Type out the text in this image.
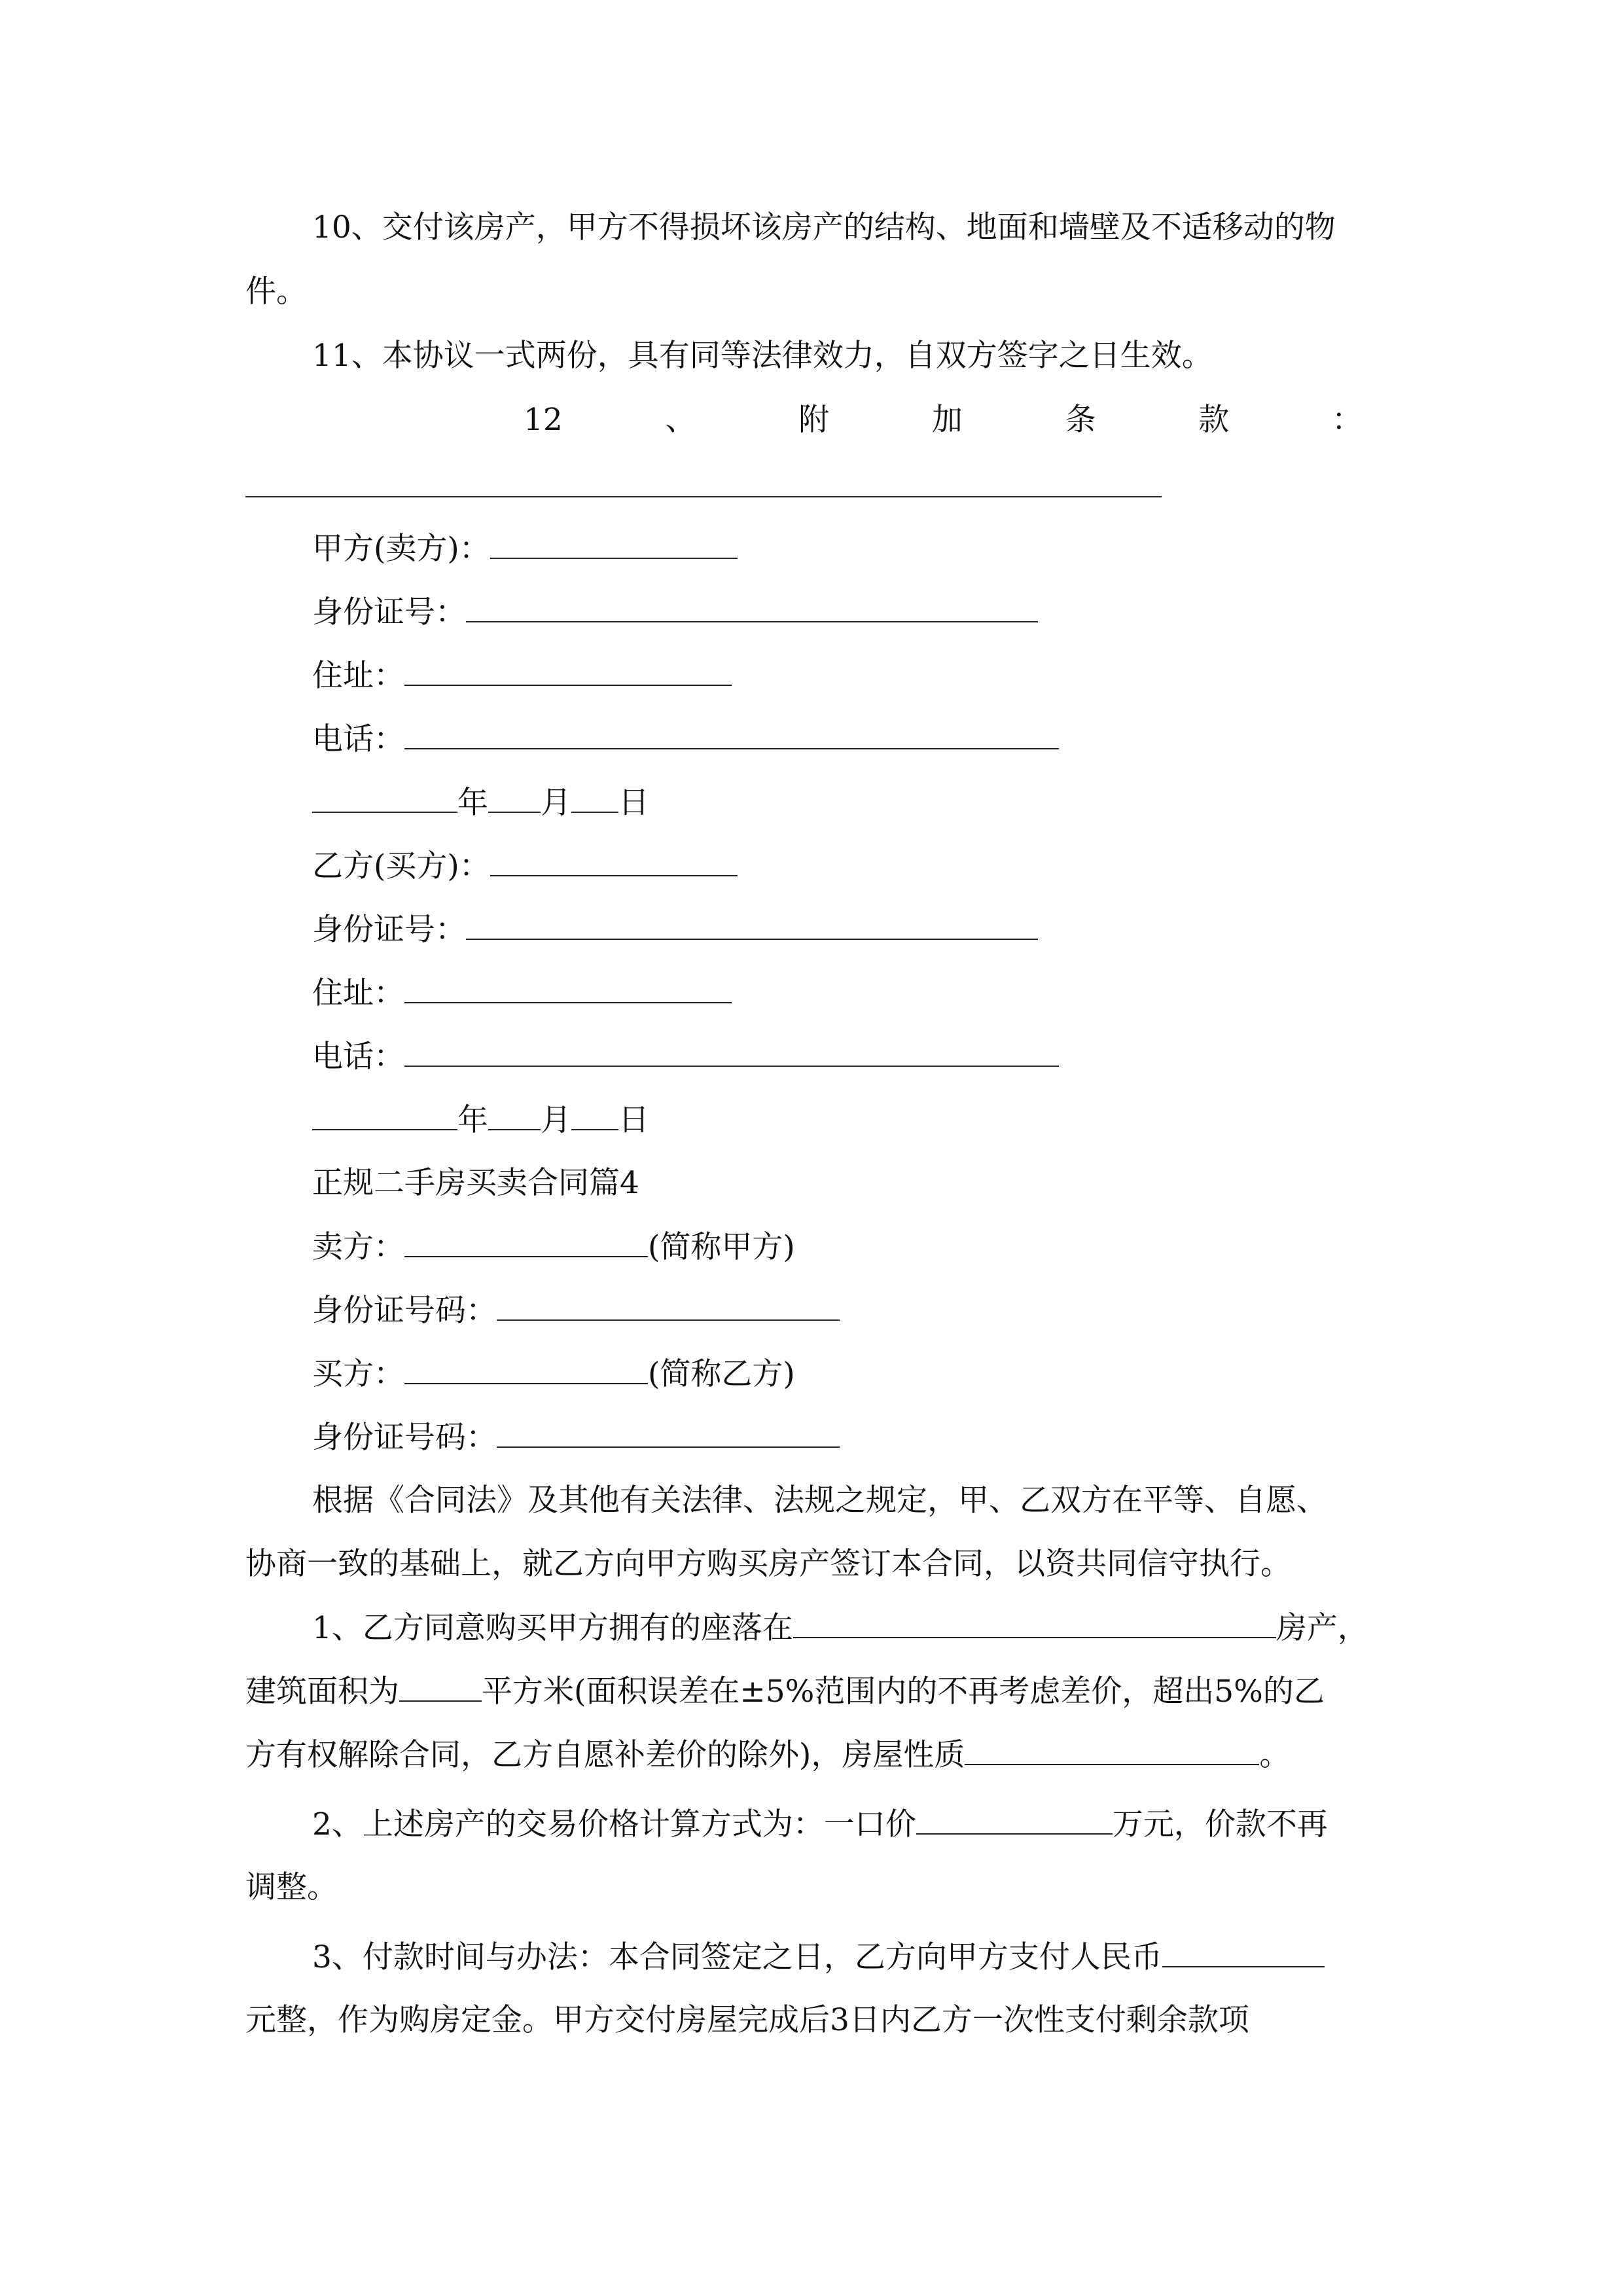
10、交付该房产，甲方不得损坏该房产的结构、地面和墙壁及不适移动的物

件。

11、本协议一式两份，具有同等法律效力，自双方签字之日生效。

12	、	附	加	条	款	：

甲方(卖方)：

身份证号：

住址：

电话：

年 月 日

乙方(买方)：

身份证号：

住址：

电话：

年 月 日

正规二手房买卖合同篇4

卖方：	(简称甲方)

身份证号码：

买方：	(简称乙方)

身份证号码：

根据《合同法》及其他有关法律、法规之规定，甲、乙双方在平等、自愿、

协商一致的基础上，就乙方向甲方购买房产签订本合同，以资共同信守执行。

1、乙方同意购买甲方拥有的座落在	房产，

建筑面积为	平方米(面积误差在±5%范围内的不再考虑差价，超出5%的乙

方有权解除合同，乙方自愿补差价的除外)，房屋性质	。

2、上述房产的交易价格计算方式为：一口价	万元，价款不再

调整。

3、付款时间与办法：本合同签定之日，乙方向甲方支付人民币

元整，作为购房定金。甲方交付房屋完成后3日内乙方一次性支付剩余款项
